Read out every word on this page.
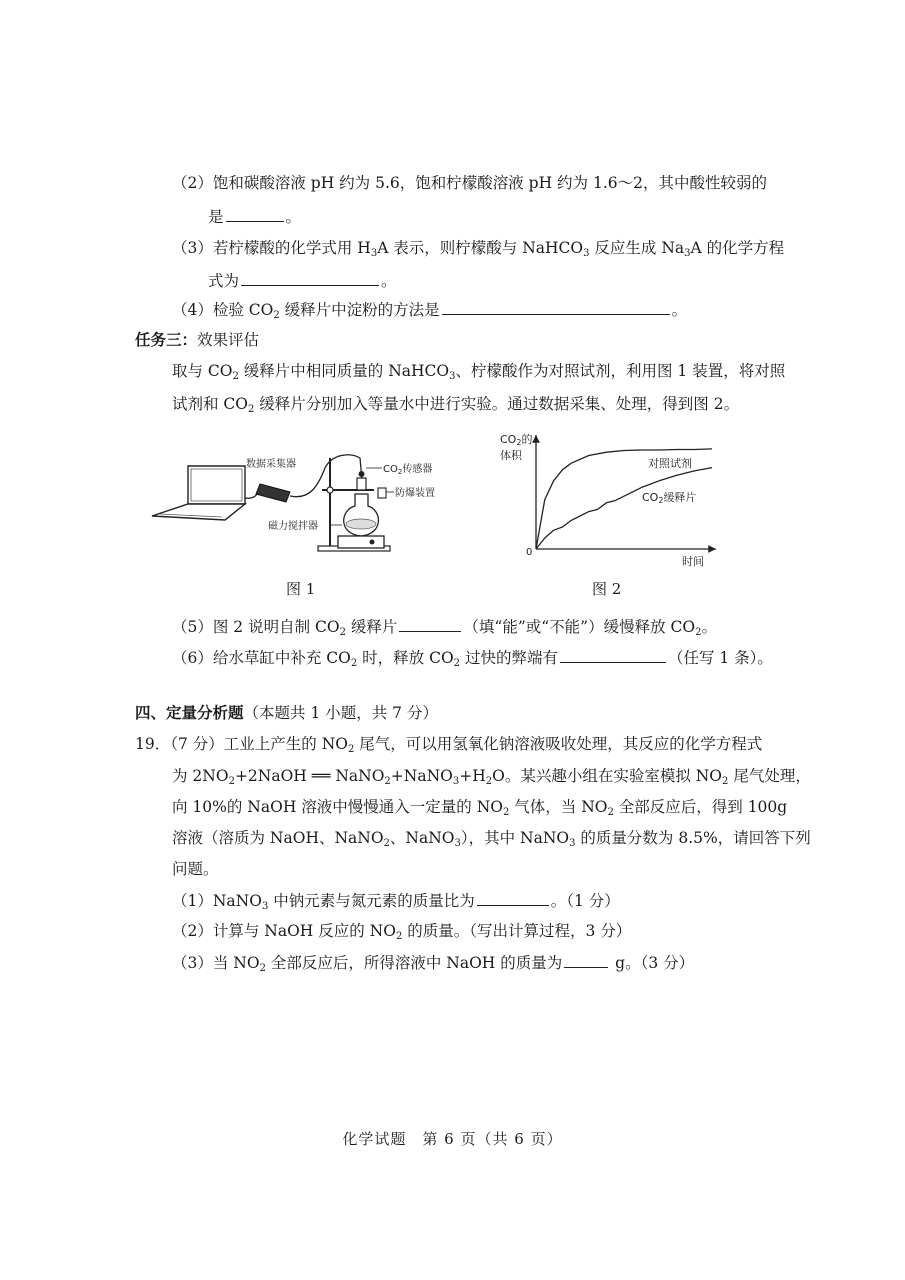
（2）饱和碳酸溶液 pH 约为 5.6，饱和柠檬酸溶液 pH 约为 1.6～2，其中酸性较弱的
是	。
（3）若柠檬酸的化学式用 $H_3A$ 表示，则柠檬酸与 NaHCO$_3$ 反应生成 $Na_3A$ 的化学方程
式为	。
（4）检验 $CO_2$ 缓释片中淀粉的方法是	。
任务三：效果评估
取与 $CO_2$ 缓释片中相同质量的 NaHCO$_3$、柠檬酸作为对照试剂，利用图 1 装置，将对照
试剂和 $CO_2$ 缓释片分别加入等量水中进行实验。通过数据采集、处理，得到图 2。
数据采集器	$CO_2$传感器
防爆装置
磁力搅拌器
图 1
CO2的
体积
0
时间
对照试剂
CO2缓释片
图 2
（5）图 2 说明自制 $CO_2$ 缓释片	（填“能”或“不能”）缓慢释放 $CO_2$。
（6）给水草缸中补充 $CO_2$ 时，释放 $CO_2$ 过快的弊端有	（任写 1 条）。
四、定量分析题（本题共 1 小题，共 7 分）
19．（7 分）工业上产生的 $NO_2$ 尾气，可以用氢氧化钠溶液吸收处理，其反应的化学方程式
为 $2NO_2+2NaOH$ ══ $NaNO_2+NaNO_3+H_2O$。某兴趣小组在实验室模拟 $NO_2$ 尾气处理，
向 10%的 NaOH 溶液中慢慢通入一定量的 $NO_2$ 气体，当 $NO_2$ 全部反应后，得到 100g
溶液（溶质为 NaOH、NaNO$_2$、NaNO$_3$），其中 NaNO$_3$ 的质量分数为 8.5%，请回答下列
问题。
（1）NaNO$_3$ 中钠元素与氮元素的质量比为	。（1 分）
（2）计算与 NaOH 反应的 $NO_2$ 的质量。（写出计算过程，3 分）
（3）当 $NO_2$ 全部反应后，所得溶液中 NaOH 的质量为	g。（3 分）
化学试题　第 6 页（共 6 页）
